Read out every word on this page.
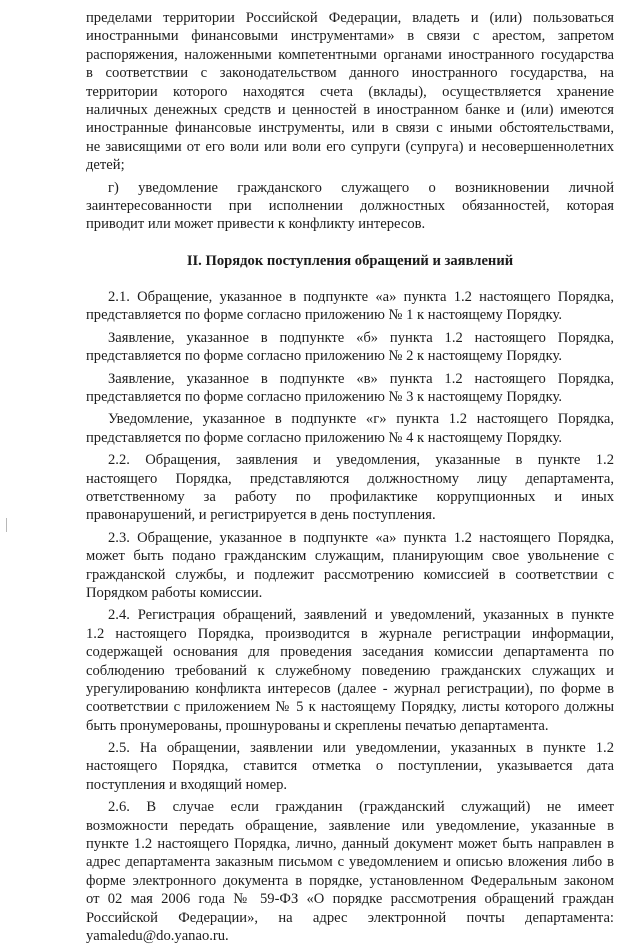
пределами территории Российской Федерации, владеть и (или) пользоваться
иностранными финансовыми инструментами» в связи с арестом, запретом
распоряжения, наложенными компетентными органами иностранного государства
в соответствии с законодательством данного иностранного государства, на
территории которого находятся счета (вклады), осуществляется хранение
наличных денежных средств и ценностей в иностранном банке и (или) имеются
иностранные финансовые инструменты, или в связи с иными обстоятельствами,
не зависящими от его воли или воли его супруги (супруга) и несовершеннолетних
детей;
г) уведомление гражданского служащего о возникновении личной
заинтересованности при исполнении должностных обязанностей, которая
приводит или может привести к конфликту интересов.
II. Порядок поступления обращений и заявлений
2.1. Обращение, указанное в подпункте «а» пункта 1.2 настоящего Порядка,
представляется по форме согласно приложению № 1 к настоящему Порядку.
Заявление, указанное в подпункте «б» пункта 1.2 настоящего Порядка,
представляется по форме согласно приложению № 2 к настоящему Порядку.
Заявление, указанное в подпункте «в» пункта 1.2 настоящего Порядка,
представляется по форме согласно приложению № 3 к настоящему Порядку.
Уведомление, указанное в подпункте «г» пункта 1.2 настоящего Порядка,
представляется по форме согласно приложению № 4 к настоящему Порядку.
2.2. Обращения, заявления и уведомления, указанные в пункте 1.2
настоящего Порядка, представляются должностному лицу департамента,
ответственному за работу по профилактике коррупционных и иных
правонарушений, и регистрируется в день поступления.
2.3. Обращение, указанное в подпункте «а» пункта 1.2 настоящего Порядка,
может быть подано гражданским служащим, планирующим свое увольнение с
гражданской службы, и подлежит рассмотрению комиссией в соответствии с
Порядком работы комиссии.
2.4. Регистрация обращений, заявлений и уведомлений, указанных в пункте
1.2 настоящего Порядка, производится в журнале регистрации информации,
содержащей основания для проведения заседания комиссии департамента по
соблюдению требований к служебному поведению гражданских служащих и
урегулированию конфликта интересов (далее - журнал регистрации), по форме в
соответствии с приложением № 5 к настоящему Порядку, листы которого должны
быть пронумерованы, прошнурованы и скреплены печатью департамента.
2.5. На обращении, заявлении или уведомлении, указанных в пункте 1.2
настоящего Порядка, ставится отметка о поступлении, указывается дата
поступления и входящий номер.
2.6. В случае если гражданин (гражданский служащий) не имеет
возможности передать обращение, заявление или уведомление, указанные в
пункте 1.2 настоящего Порядка, лично, данный документ может быть направлен в
адрес департамента заказным письмом с уведомлением и описью вложения либо в
форме электронного документа в порядке, установленном Федеральным законом
от 02 мая 2006 года № 59-ФЗ «О порядке рассмотрения обращений граждан
Российской Федерации», на адрес электронной почты департамента:
yamaledu@do.yanao.ru.
